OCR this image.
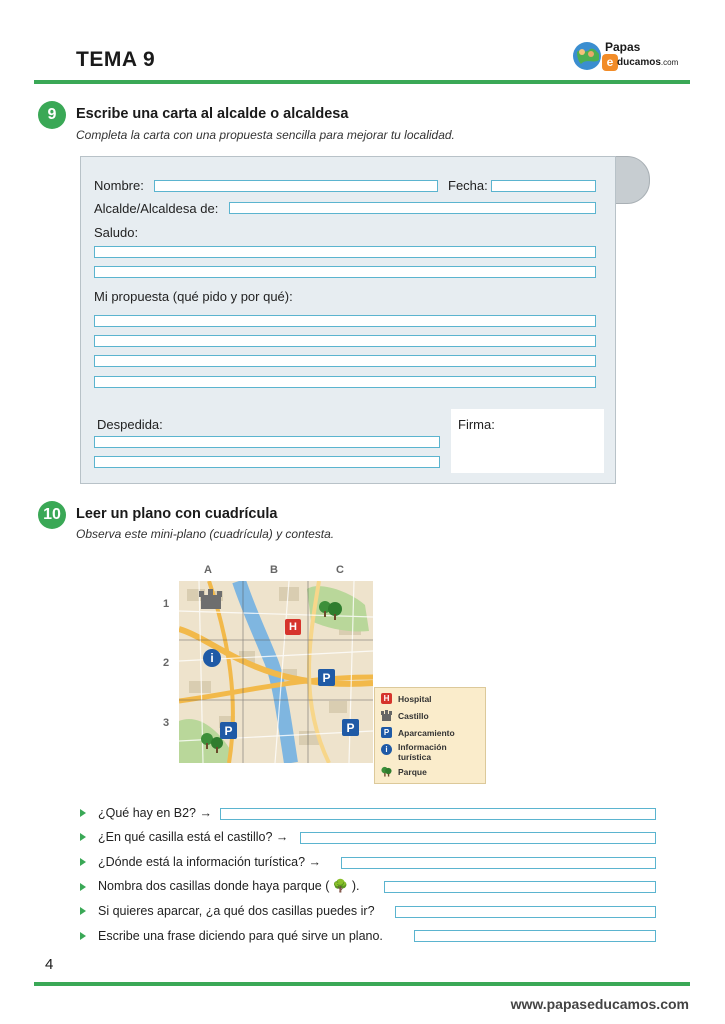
TEMA 9
Papas
e ducamos.com
9	Escribe una carta al alcalde o alcaldesa
Completa la carta con una propuesta sencilla para mejorar tu localidad.
Nombre:	Fecha:
Alcalde/Alcaldesa de:
Saludo:
Mi propuesta (qué pido y por qué):
Despedida:	Firma:
10	Leer un plano con cuadrícula
Observa este mini-plano (cuadrícula) y contesta.
A	B	C
1
2
3
H
i
P
P	P
H	Hospital
Castillo
P	Aparcamiento
i	Información turística
Parque
¿Qué hay en B2? →
¿En qué casilla está el castillo? →
¿Dónde está la información turística? →
Nombra dos casillas donde haya parque ( 🌳 ).
Si quieres aparcar, ¿a qué dos casillas puedes ir?
Escribe una frase diciendo para qué sirve un plano.
4
www.papaseducamos.com
